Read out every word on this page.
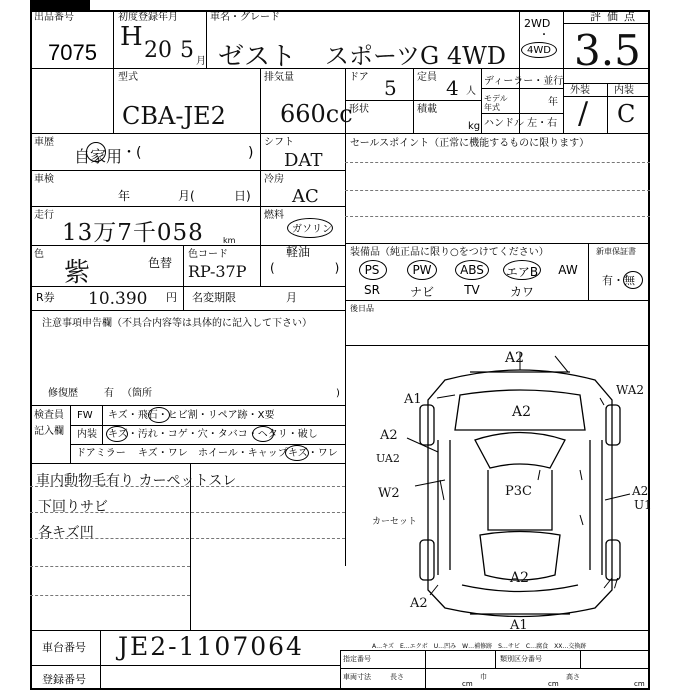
出品番号
7075
初度登録年月
H 20 5 月
車名・グレード
ゼスト スポーツG 4WD
2WD
・
4WD
評価点
3.5
型式
CBA-JE2
排気量
660cc
ドア 5 定員 4 人
形状	積載
kg
ディーラー・並行
モデル年式	年
ハンドル 左・右
外装 内装
/ C
車歴
自家用 ・(	)
シフト
DAT
セールスポイント（正常に機能するものに限ります）
車検
年	月(	日)
冷房
AC
走行
13万7千058 km
燃料
ガソリン
軽油
(　　　　　)
色
紫	色替
色コード
RP-37P
装備品（純正品に限り○をつけてください）
PS	PW	ABS	エアB	AW
SR	ナビ	TV	カワ
新車保証書
有・無
後日品
R券 10.390 円 名変期限	月
注意事項申告欄（不具合内容等は具体的に記入して下さい）
修復歴	有 （箇所	)
検査員
記入欄
FW キズ・飛石・ヒビ割・リペア跡・X要
内装 キズ・汚れ・コゲ・穴・タバコ・ヘタリ・破し
ドアミラー キズ・ワレ ホイール・キャップ キズ・ワレ
車内動物毛有り カーペットスレ
下回りサビ
各キズ凹
A2
A2
A1
WA2
A2
UA2
W2
カーセット
P3C	A2
U1
A2
A2
A1
/
A…キズ　E…エクボ　U…凹み　W…補修跡　S…サビ　C…腐食　XX…交換跡
車台番号 JE2-1107064
登録番号
指定番号	類別区分番号
車両寸法	長さ
cm
巾
cm
高さ
cm
